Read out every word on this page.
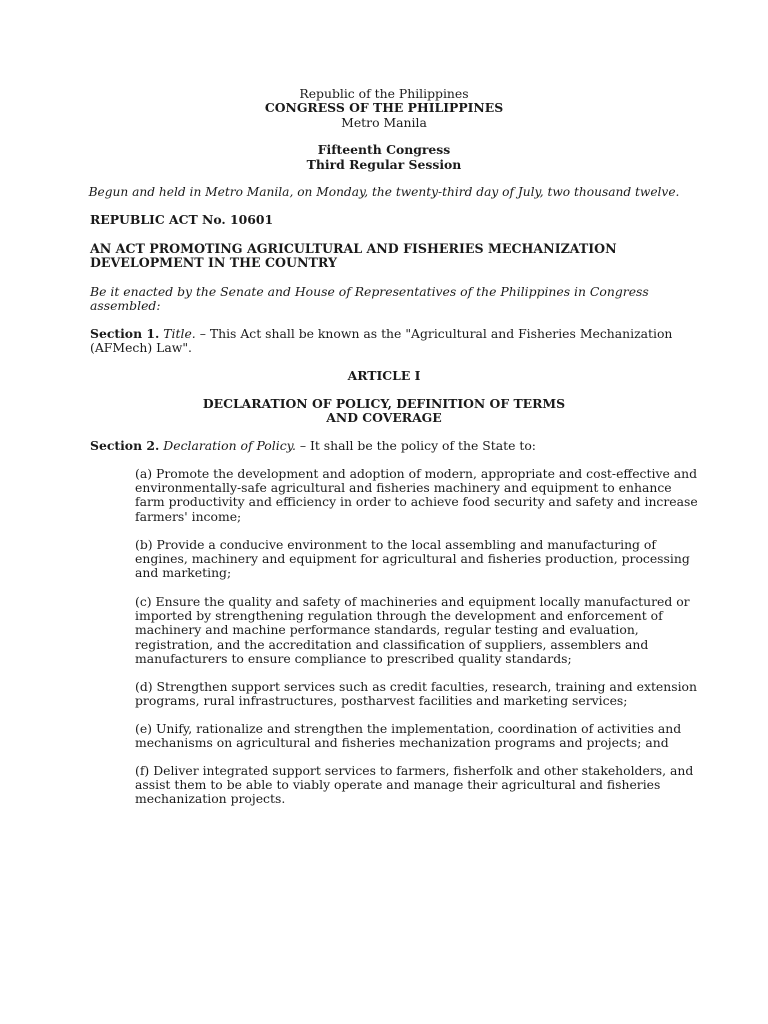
Republic of the Philippines
CONGRESS OF THE PHILIPPINES
Metro Manila
Fifteenth Congress
Third Regular Session
Begun and held in Metro Manila, on Monday, the twenty-third day of July, two thousand twelve.
REPUBLIC ACT No. 10601
AN ACT PROMOTING AGRICULTURAL AND FISHERIES MECHANIZATION
DEVELOPMENT IN THE COUNTRY
Be it enacted by the Senate and House of Representatives of the Philippines in Congress
assembled:
Section 1. Title. – This Act shall be known as the "Agricultural and Fisheries Mechanization
(AFMech) Law".
ARTICLE I
DECLARATION OF POLICY, DEFINITION OF TERMS
AND COVERAGE
Section 2. Declaration of Policy. – It shall be the policy of the State to:
(a) Promote the development and adoption of modern, appropriate and cost-effective and
environmentally-safe agricultural and fisheries machinery and equipment to enhance
farm productivity and efficiency in order to achieve food security and safety and increase
farmers' income;
(b) Provide a conducive environment to the local assembling and manufacturing of
engines, machinery and equipment for agricultural and fisheries production, processing
and marketing;
(c) Ensure the quality and safety of machineries and equipment locally manufactured or
imported by strengthening regulation through the development and enforcement of
machinery and machine performance standards, regular testing and evaluation,
registration, and the accreditation and classification of suppliers, assemblers and
manufacturers to ensure compliance to prescribed quality standards;
(d) Strengthen support services such as credit faculties, research, training and extension
programs, rural infrastructures, postharvest facilities and marketing services;
(e) Unify, rationalize and strengthen the implementation, coordination of activities and
mechanisms on agricultural and fisheries mechanization programs and projects; and
(f) Deliver integrated support services to farmers, fisherfolk and other stakeholders, and
assist them to be able to viably operate and manage their agricultural and fisheries
mechanization projects.
